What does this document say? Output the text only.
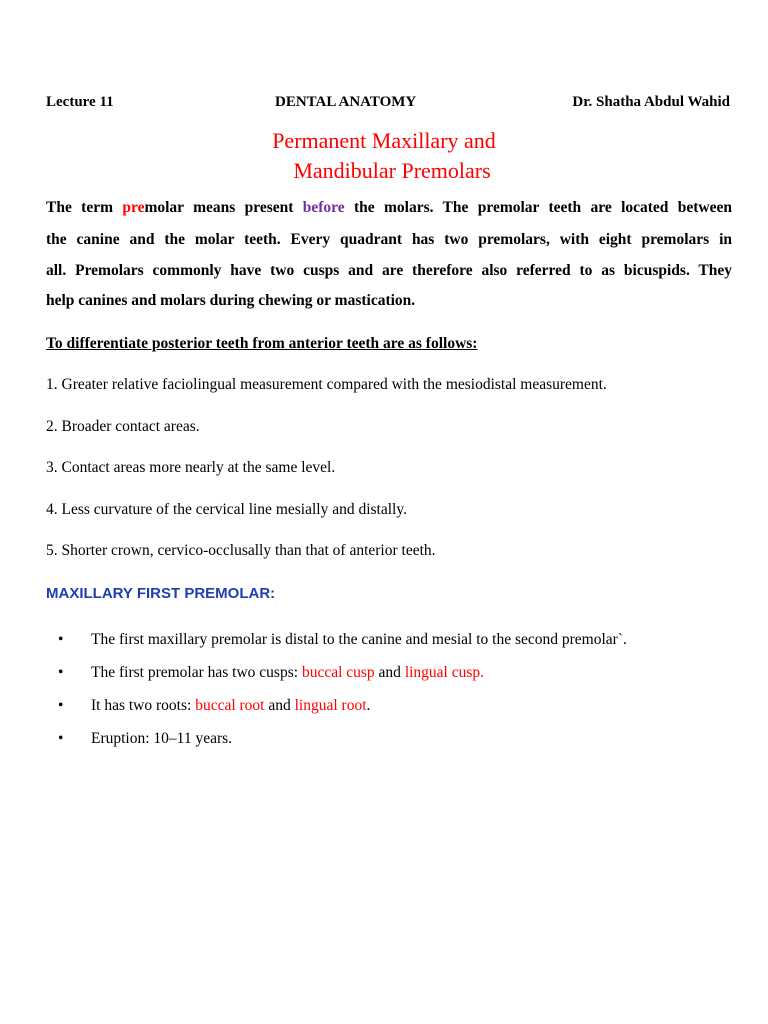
Lecture 11	DENTAL ANATOMY	Dr. Shatha Abdul Wahid
Permanent Maxillary and
Mandibular Premolars
The term premolar means present before the molars. The premolar teeth are located between
the canine and the molar teeth. Every quadrant has two premolars, with eight premolars in
all. Premolars commonly have two cusps and are therefore also referred to as bicuspids. They
help canines and molars during chewing or mastication.
To differentiate posterior teeth from anterior teeth are as follows:
1. Greater relative faciolingual measurement compared with the mesiodistal measurement.
2. Broader contact areas.
3. Contact areas more nearly at the same level.
4. Less curvature of the cervical line mesially and distally.
5. Shorter crown, cervico-occlusally than that of anterior teeth.
MAXILLARY FIRST PREMOLAR:
• The first maxillary premolar is distal to the canine and mesial to the second premolar`.
• The first premolar has two cusps: buccal cusp and lingual cusp.
• It has two roots: buccal root and lingual root.
• Eruption: 10–11 years.
